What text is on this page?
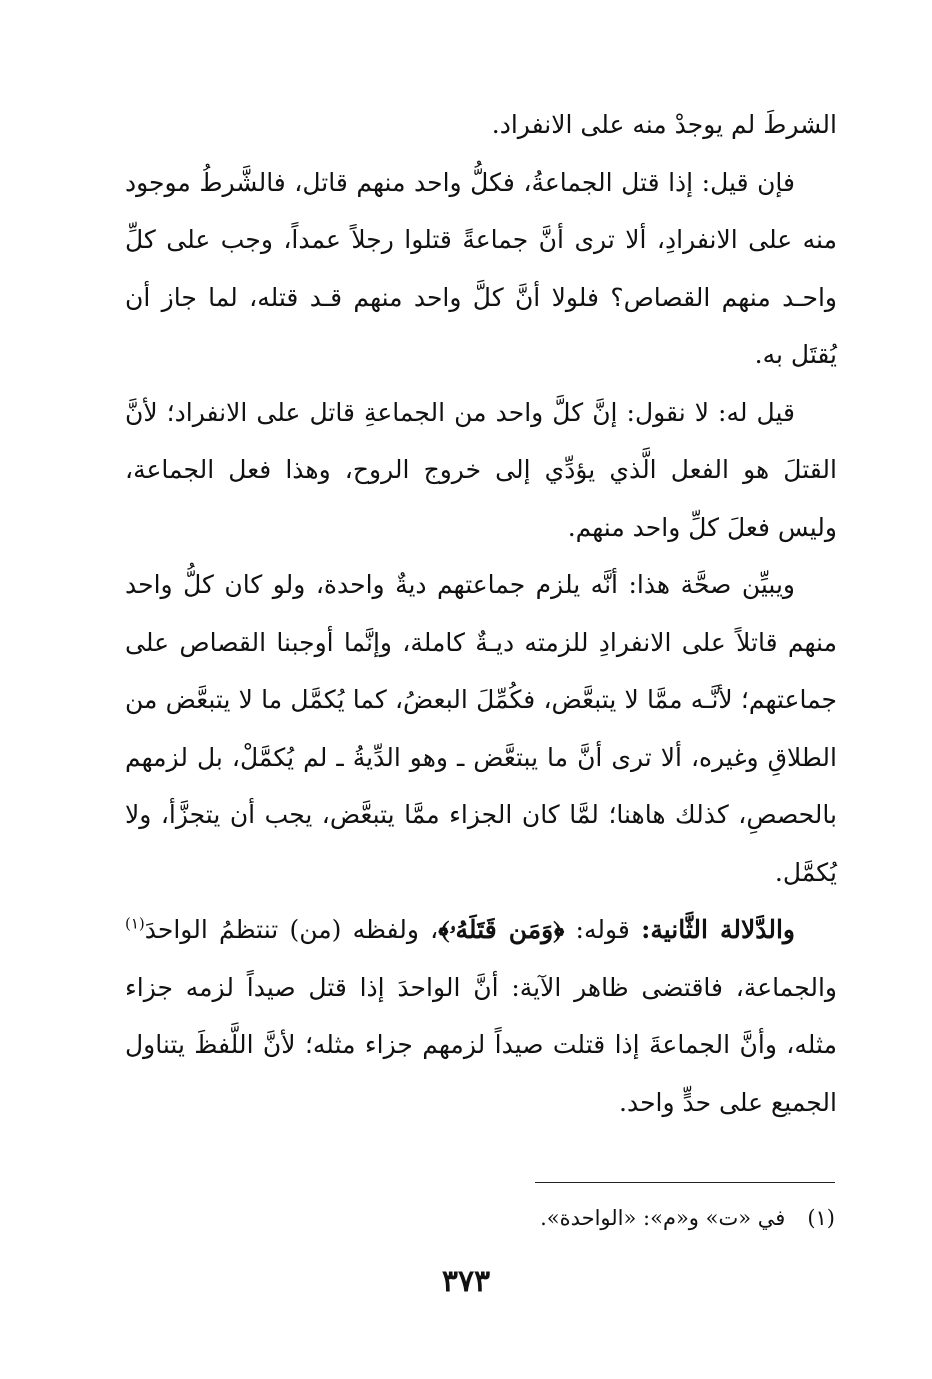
الشرطَ لم يوجدْ منه على الانفراد.

فإن قيل: إذا قتل الجماعةُ، فكلُّ واحد منهم قاتل، فالشَّرطُ موجود منه على الانفرادِ، ألا ترى أنَّ جماعةً قتلوا رجلاً عمداً، وجب على كلِّ واحـد منهم القصاص؟ فلولا أنَّ كلَّ واحد منهم قـد قتله، لما جاز أن يُقتَل به.

قيل له: لا نقول: إنَّ كلَّ واحد من الجماعةِ قاتل على الانفراد؛ لأنَّ القتلَ هو الفعل الَّذي يؤدِّي إلى خروج الروح، وهذا فعل الجماعة، وليس فعلَ كلِّ واحد منهم.

ويبيِّن صحَّة هذا: أنَّه يلزم جماعتهم ديةٌ واحدة، ولو كان كلُّ واحد منهم قاتلاً على الانفرادِ للزمته ديـةٌ كاملة، وإنَّما أوجبنا القصاص على جماعتهم؛ لأنَّـه ممَّا لا يتبعَّض، فكُمِّلَ البعضُ، كما يُكمَّل ما لا يتبعَّض من الطلاقِ وغيره، ألا ترى أنَّ ما يبتعَّض ـ وهو الدِّيةُ ـ لم يُكمَّلْ، بل لزمهم بالحصصِ، كذلك هاهنا؛ لمَّا كان الجزاء ممَّا يتبعَّض، يجب أن يتجزَّأ، ولا يُكمَّل.

والدَّلالة الثَّانية: قوله: ﴿وَمَن قَتَلَهُۥ﴾، ولفظه (من) تنتظمُ الواحدَ$^{(١)}$ والجماعة، فاقتضى ظاهر الآية: أنَّ الواحدَ إذا قتل صيداً لزمه جزاء مثله، وأنَّ الجماعةَ إذا قتلت صيداً لزمهم جزاء مثله؛ لأنَّ اللَّفظَ يتناول الجميع على حدٍّ واحد.

(١)في «ت» و«م»: «الواحدة».
٣٧٣
